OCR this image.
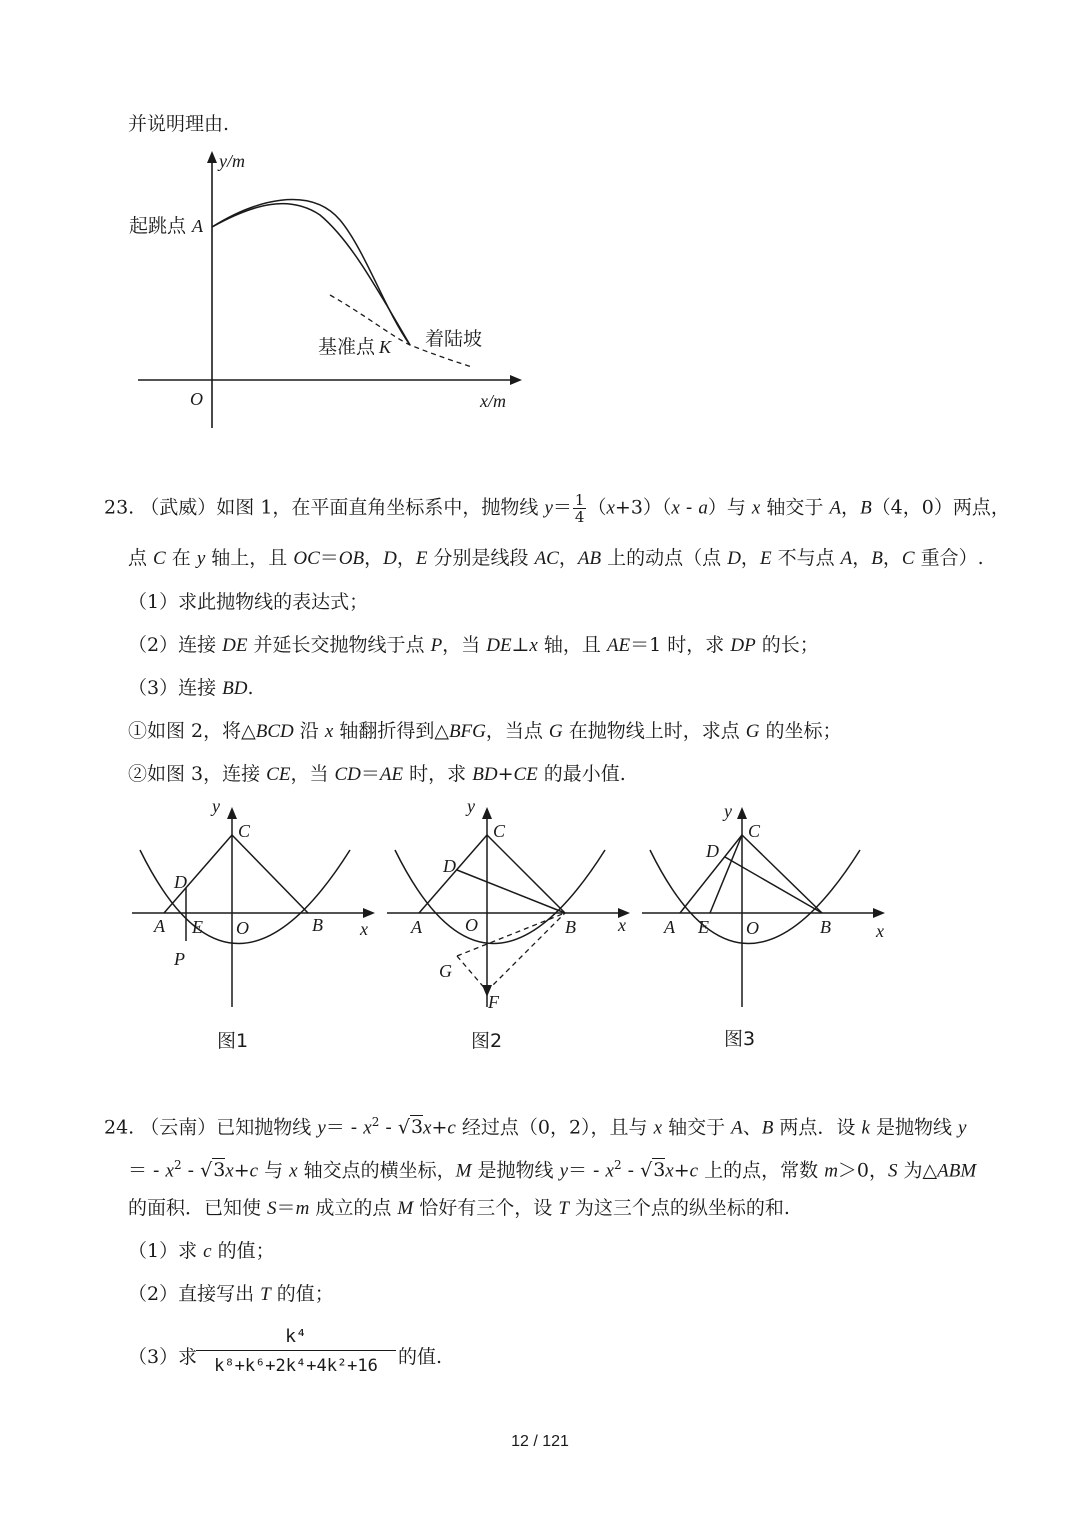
并说明理由.
y/m
x/m
O
起跳点 A
基准点 K 着陆坡
23. （武威）如图 1，在平面直角坐标系中，抛物线 $y= \frac{1}{4} (x+3)(x - a)$与 x 轴交于 A，B（4，0）两点，
点 C 在 y 轴上，且 OC＝OB，D，E 分别是线段 AC，AB 上的动点（点 D，E 不与点 A，B，C 重合）.
（1）求此抛物线的表达式；
（2）连接 DE 并延长交抛物线于点 P，当 DE⊥x 轴，且 AE＝1 时，求 DP 的长；
（3）连接 BD.
①如图 2，将△BCD 沿 x 轴翻折得到△BFG，当点 G 在抛物线上时，求点 G 的坐标；
②如图 3，连接 CE，当 CD＝AE 时，求 BD+CE 的最小值.
y
x
C
D
A E O	B
P
图1
y
x
C
D
A O	B
G
F
图2
y
x
C
D
A E O	B
图3
24. （云南）已知抛物线 $y= - x^2 - √3x+c$ 经过点（0，2），且与 x 轴交于 A、B 两点．设 k 是抛物线 y
＝ - $x^2 - √3x+c$ 与 x 轴交点的横坐标，M 是抛物线 $y= - x^2 - √3x+c$ 上的点，常数 m＞0，S 为△ABM
的面积．已知使 S＝m 成立的点 M 恰好有三个，设 T 为这三个点的纵坐标的和.
（1）求 c 的值；
（2）直接写出 T 的值；
（3）求
$\frac{\text{k⁴}}{\text{k⁸+k⁶+2k⁴+4k²+16}}$ 的值.
12 / 121
